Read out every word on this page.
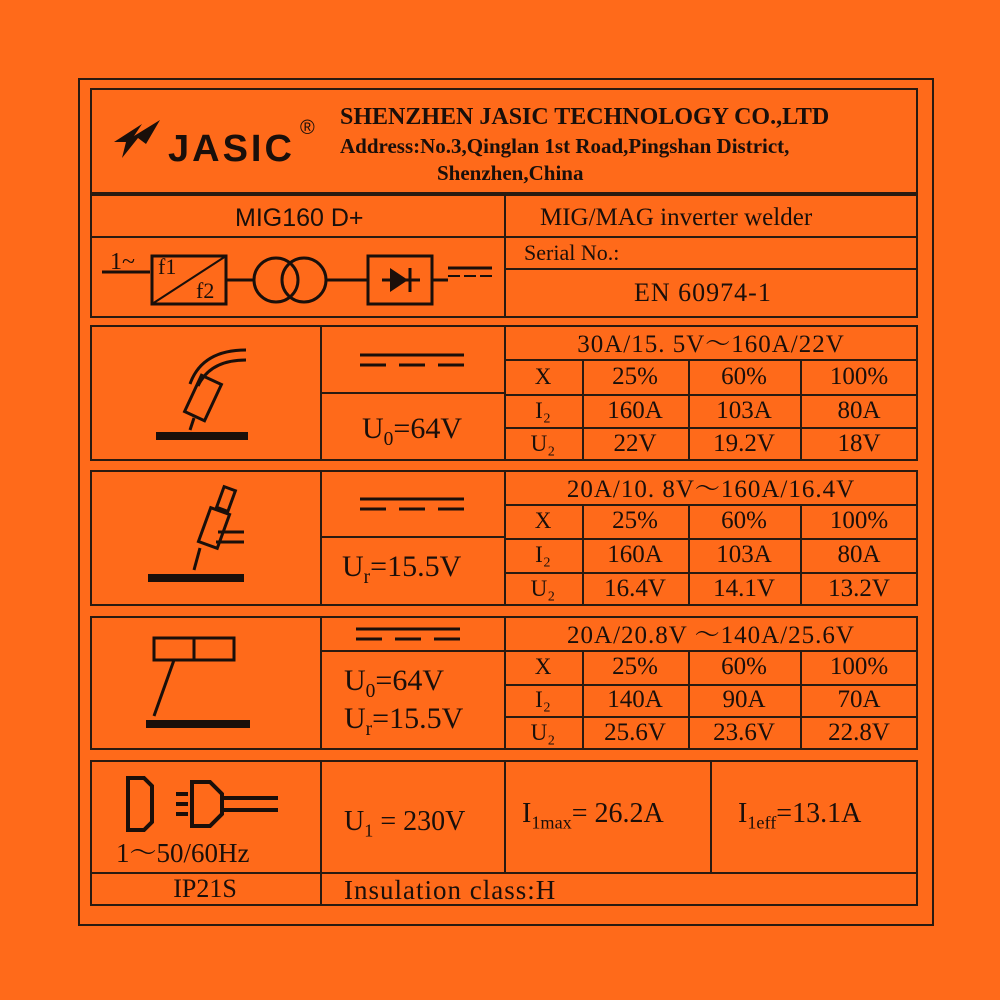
JASIC ® SHENZHEN JASIC TECHNOLOGY CO.,LTD
Address:No.3,Qinglan 1st Road,Pingshan District,
Shenzhen,China
MIG160 D+	MIG/MAG inverter welder
Serial No.:
EN 60974-1
1~ f1
f2
$U_0=64V$
30A/15. 5V～160A/22V
X	25%	60%	100%
I₂	160A	103A	80A
U₂	22V	19.2V	18V
$U_r=15.5V$
20A/10. 8V～160A/16.4V
X	25%	60%	100%
I₂	160A	103A	80A
U₂	16.4V	14.1V	13.2V
$U_0=64V$
$U_r=15.5V$
20A/20.8V ～140A/25.6V
X	25%	60%	100%
I₂	140A	90A	70A
U₂	25.6V	23.6V	22.8V
1～50/60Hz
$U_1 = 230V$ $I_{1max}= 26.2A$	$I_{1eff}=13.1A$
IP21S	Insulation class:H
